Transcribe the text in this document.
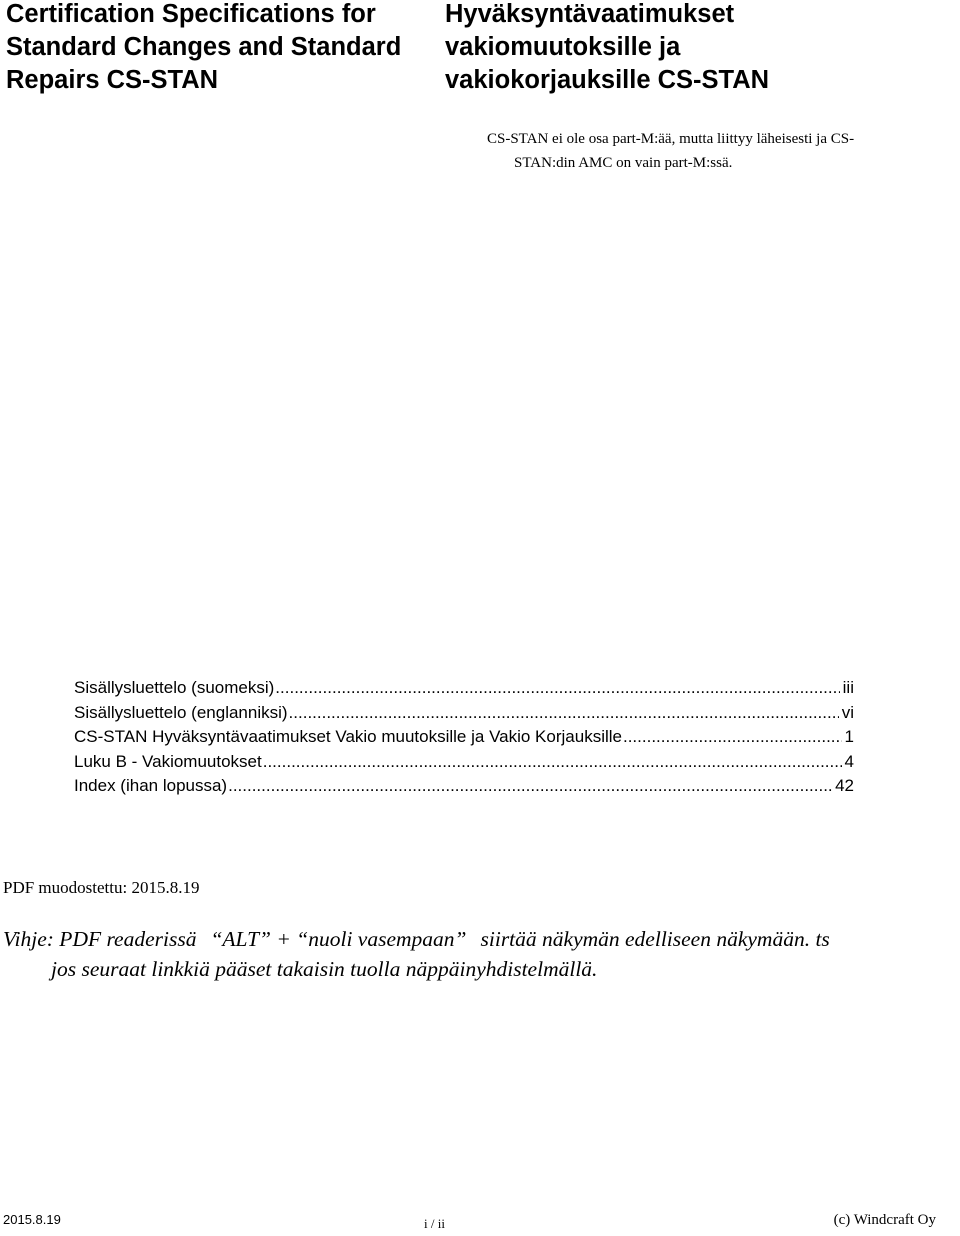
Certification Specifications for
Standard Changes and Standard
Repairs CS-STAN
Hyväksyntävaatimukset
vakiomuutoksille ja
vakiokorjauksille CS-STAN
CS-STAN ei ole osa part-M:ää, mutta liittyy läheisesti ja CS-
STAN:din AMC on vain part-M:ssä.
Sisällysluettelo (suomeksi) .....	iii
Sisällysluettelo (englanniksi) .....	vi
CS-STAN Hyväksyntävaatimukset Vakio muutoksille ja Vakio Korjauksille .....	1
Luku B - Vakiomuutokset .....	4
Index (ihan lopussa) .....	42
PDF muodostettu: 2015.8.19
Vihje: PDF readerissä “ALT” + “nuoli vasempaan” siirtää näkymän edelliseen näkymään. ts
jos seuraat linkkiä pääset takaisin tuolla näppäinyhdistelmällä.
2015.8.19	i / ii	(c) Windcraft Oy
